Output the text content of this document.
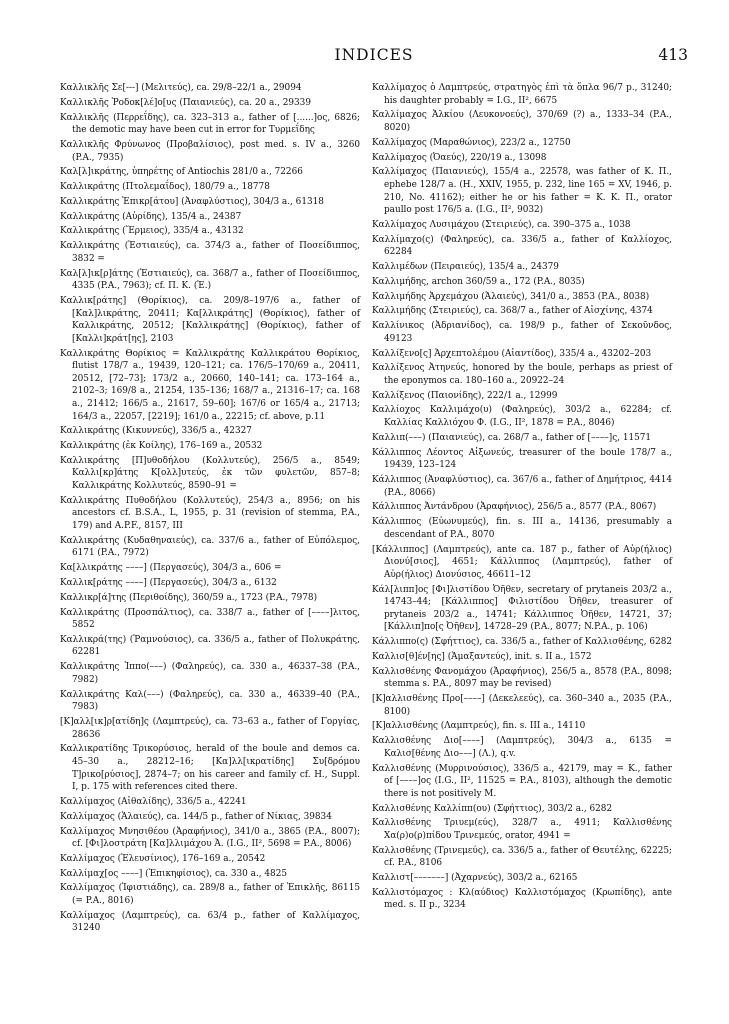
INDICES	413

Καλλικλῆς Σε[---] (Μελιτεύς), ca. 29/8–22/1 a., 29094

Καλλικλῆς Ῥοδοκ[λέ]ο[υς (Παιανιεύς), ca. 20 a., 29339

Καλλικλῆς (Περρεΐδης), ca. 323–313 a., father of [......]ος, 6826; the demotic may have been cut in error for Τυρμεΐδης

Καλλικλῆς Φρύνωνος (Προβαλίσιος), post med. s. IV a., 3260 (P.A., 7935)

Καλ[λ]ικράτης, ὑπηρέτης of Antiochis 281/0 a., 72266

Καλλικράτης (Πτολεμαΐδος), 180/79 a., 18778

Καλλικράτης Ἐπικρ[άτου] (Ἀναφλύστιος), 304/3 a., 61318

Καλλικράτης (Αὐρίδης), 135/4 a., 24387

Καλλικράτης (Ἕρμειος), 335/4 a., 43132

Καλλικράτης (Ἑστιαιεύς), ca. 374/3 a., father of Ποσείδιππος, 3832 =

Καλ[λ]ικ[ρ]άτης (Ἑστιαιεύς), ca. 368/7 a., father of Ποσείδιππος, 4335 (P.A., 7963); cf. Π. Κ. (Ἑ.)

Καλλικ[ράτης] (Θορίκιος), ca. 209/8–197/6 a., father of [Καλ]λικράτης, 20411; Κα[λλικράτης] (Θορίκιος), father of Καλλικράτης, 20512; [Καλλικράτης] (Θορίκιος), father of [Καλλι]κράτ[ης], 2103

Καλλικράτης Θορίκιος = Καλλικράτης Καλλικράτου Θορίκιος, flutist 178/7 a., 19439, 120–121; ca. 176/5–170/69 a., 20411, 20512, [72–73]; 173/2 a., 20660, 140–141; ca. 173–164 a., 2102–3; 169/8 a., 21254, 135–136; 168/7 a., 21316–17; ca. 168 a., 21412; 166/5 a., 21617, 59–60]; 167/6 or 165/4 a., 21713; 164/3 a., 22057, [2219]; 161/0 a., 22215; cf. above, p.11

Καλλικράτης (Κικυννεύς), 336/5 a., 42327

Καλλικράτης (ἐκ Κοίλης), 176–169 a., 20532

Καλλικράτης [Π]υθοδήλου (Κολλυτεύς), 256/5 a., 8549; Καλλι[κρ]άτης Κ[ολλ]υτεύς, ἐκ τῶν φυλετῶν, 857–8; Καλλικράτης Κολλυτεύς, 8590–91 =

Καλλικράτης Πυθοδήλου (Κολλυτεύς), 254/3 a., 8956; on his ancestors cf. B.S.A., L, 1955, p. 31 (revision of stemma, P.A., 179) and A.P.F., 8157, III

Καλλικράτης (Κυδαθηναιεύς), ca. 337/6 a., father of Εὐπόλεμος, 6171 (P.A., 7972)

Κα[λλικράτης ––––] (Περγασεύς), 304/3 a., 606 =

Καλλικ[ράτης ––––] (Περγασεύς), 304/3 a., 6132

Καλλικρ[ά]της (Περιθοίδης), 360/59 a., 1723 (P.A., 7978)

Καλλικράτης (Προσπάλτιος), ca. 338/7 a., father of [––––]λιτος, 5852

Καλλικρά(της) (Ῥαμνούσιος), ca. 336/5 a., father of Πολυκράτης, 62281

Καλλικράτης Ἱππο(–––) (Φαληρεύς), ca. 330 a., 46337–38 (P.A., 7982)

Καλλικράτης Καλ(–––) (Φαληρεύς), ca. 330 a., 46339–40 (P.A., 7983)

[Κ]αλλ[ικ]ρ[ατίδη]ς (Λαμπτρεύς), ca. 73–63 a., father of Γοργίας, 28636

Καλλικρατίδης Τρικορύσιος, herald of the boule and demos ca. 45–30 a., 28212–16; [Κα]λλ[ικρατίδης] Συ[δρόμου Τ]ρικο[ρύσιος], 2874–7; on his career and family cf. H., Suppl. I, p. 175 with references cited there.

Καλλίμαχος (Αἰθαλίδης), 336/5 a., 42241

Καλλίμαχος (Ἁλαιεύς), ca. 144/5 p., father of Νίκιας, 39834

Καλλίμαχος Μνησιθέου (Ἀραφήνιος), 341/0 a., 3865 (P.A., 8007); cf. [Φι]λοστράτη [Κα]λλιμάχου Ἀ. (I.G., II², 5698 = P.A., 8006)

Καλλίμαχος (Ἐλευσίνιος), 176–169 a., 20542

Καλλίμαχ[ος ––––] (Ἐπικηφίσιος), ca. 330 a., 4825

Καλλίμαχος (Ἰφιστιάδης), ca. 289/8 a., father of Ἐπικλῆς, 86115 (= P.A., 8016)

Καλλίμαχος (Λαμπτρεύς), ca. 63/4 p., father of Καλλίμαχος, 31240

Καλλίμαχος ὁ Λαμπτρεύς, στρατηγὸς ἐπὶ τὰ ὅπλα 96/7 p., 31240; his daughter probably = I.G., II², 6675

Καλλίμαχος Ἀλκίου (Λευκονοεύς), 370/69 (?) a., 1333–34 (P.A., 8020)

Καλλίμαχος (Μαραθώνιος), 223/2 a., 12750

Καλλίμαχος (Ὀαεύς), 220/19 a., 13098

Καλλίμαχος (Παιανιεύς), 155/4 a., 22578, was father of Κ. Π., ephebe 128/7 a. (H., XXIV, 1955, p. 232, line 165 = XV, 1946, p. 210, No. 41162); either he or his father = Κ. Κ. Π., orator paullo post 176/5 a. (I.G., II², 9032)

Καλλίμαχος Λυσιμάχου (Στειριεύς), ca. 390–375 a., 1038

Καλλίμαχο(ς) (Φαληρεύς), ca. 336/5 a., father of Καλλίοχος, 62284

Καλλιμέδων (Πειραιεύς), 135/4 a., 24379

Καλλιμήδης, archon 360/59 a., 172 (P.A., 8035)

Καλλιμήδης Ἀρχεμάχου (Ἁλαιεύς), 341/0 a., 3853 (P.A., 8038)

Καλλιμήδης (Στειριεύς), ca. 368/7 a., father of Αἰσχίνης, 4374

Καλλίνικος (Ἀδριανίδος), ca. 198/9 p., father of Σεκοῦνδος, 49123

Καλλίξενο[ς] Ἀρχεπτολέμου (Αἰαντίδος), 335/4 a., 43202–203

Καλλίξενος Ἀτηνεύς, honored by the boule, perhaps as priest of the eponymos ca. 180–160 a., 20922–24

Καλλίξενος (Παιονίδης), 222/1 a., 12999

Καλλίοχος Καλλιμάχο(υ) (Φαληρεύς), 303/2 a., 62284; cf. Καλλίας Καλλιόχου Φ. (I.G., II², 1878 = P.A., 8046)

Καλλιπ(–––) (Παιανιεύς), ca. 268/7 a., father of [––––]ς, 11571

Κάλλιππος Λέοντος Αἰξωνεύς, treasurer of the boule 178/7 a., 19439, 123–124

Κάλλιππος (Ἀναφλύστιος), ca. 367/6 a., father of Δημήτριος, 4414 (P.A., 8066)

Κάλλιππος Ἀντάνδρου (Ἀραφήνιος), 256/5 a., 8577 (P.A., 8067)

Κάλλιππος (Εὐωνυμεύς), fin. s. III a., 14136, presumably a descendant of P.A., 8070

[Κάλλιππος] (Λαμπτρεύς), ante ca. 187 p., father of Αὐρ(ήλιος) Διονύ[σιος], 4651; Κάλλιππος (Λαμπτρεύς), father of Αὐρ(ήλιος) Διονύσιος, 46611–12

Κάλ[λιππ]ος [Φι]λιστίδου Ὀῆθεν, secretary of prytaneis 203/2 a., 14743–44; [Κάλλιππος] Φιλιστίδου Ὀῆθεν, treasurer of prytaneis 203/2 a., 14741; Κάλλιππος Ὀῆθεν, 14721, 37; [Κάλλιπ]πο[ς Ὀῆθεν], 14728–29 (P.A., 8077; N.P.A., p. 106)

Κάλλιππο(ς) (Σφήττιος), ca. 336/5 a., father of Καλλισθένης, 6282

Καλλισ[θ]έν[ης] (Ἀμαξαντεύς), init. s. II a., 1572

Καλλισθένης Φανομάχου (Ἀραφήνιος), 256/5 a., 8578 (P.A., 8098; stemma s. P.A., 8097 may be revised)

[Κ]αλλισθένης Προ[––––] (Δεκελεεύς), ca. 360–340 a., 2035 (P.A., 8100)

[Κ]αλλισθένης (Λαμπτρεύς), fin. s. III a., 14110

Καλλισθένης Διο[––––] (Λαμπτρεύς), 304/3 a., 6135 = Καλισ[θένης Διο–––] (Λ.), q.v.

Καλλισθένης (Μυρρινούσιος), 336/5 a., 42179, may = Κ., father of [––––]ος (I.G., II², 11525 = P.A., 8103), although the demotic there is not positively M.

Καλλισθένης Καλλίππ(ου) (Σφήττιος), 303/2 a., 6282

Καλλισθένης Τριυεμ(εύς), 328/7 a., 4911; Καλλισθένης Χα(ρ)ο(ρ)πίδου Τρινεμεύς, orator, 4941 =

Καλλισθένης (Τρινεμεύς), ca. 336/5 a., father of Θευτέλης, 62225; cf. P.A., 8106

Καλλιστ[–––––––] (Ἀχαρνεύς), 303/2 a., 62165

Καλλιστόμαχος : Κλ(αύδιος) Καλλιστόμαχος (Κρωπίδης), ante med. s. II p., 3234
